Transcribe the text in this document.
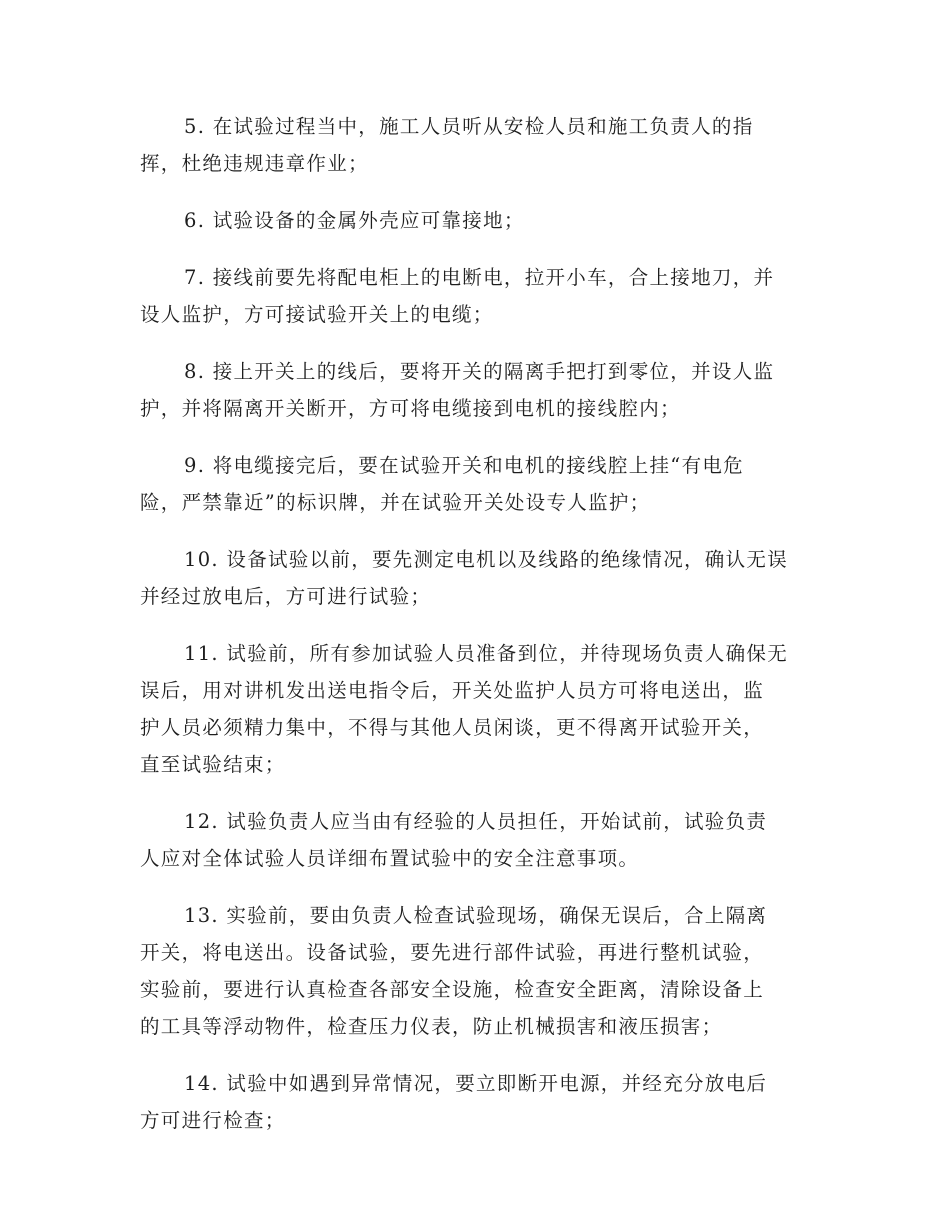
5. 在试验过程当中，施工人员听从安检人员和施工负责人的指
挥，杜绝违规违章作业；

6. 试验设备的金属外壳应可靠接地；

7. 接线前要先将配电柜上的电断电，拉开小车，合上接地刀，并
设人监护，方可接试验开关上的电缆；

8. 接上开关上的线后，要将开关的隔离手把打到零位，并设人监
护，并将隔离开关断开，方可将电缆接到电机的接线腔内；

9. 将电缆接完后，要在试验开关和电机的接线腔上挂“有电危
险，严禁靠近”的标识牌，并在试验开关处设专人监护；

10. 设备试验以前，要先测定电机以及线路的绝缘情况，确认无误
并经过放电后，方可进行试验；

11. 试验前，所有参加试验人员准备到位，并待现场负责人确保无
误后，用对讲机发出送电指令后，开关处监护人员方可将电送出，监
护人员必须精力集中，不得与其他人员闲谈，更不得离开试验开关，
直至试验结束；

12. 试验负责人应当由有经验的人员担任，开始试前，试验负责
人应对全体试验人员详细布置试验中的安全注意事项。

13. 实验前，要由负责人检查试验现场，确保无误后，合上隔离
开关，将电送出。设备试验，要先进行部件试验，再进行整机试验，
实验前，要进行认真检查各部安全设施，检查安全距离，清除设备上
的工具等浮动物件，检查压力仪表，防止机械损害和液压损害；

14. 试验中如遇到异常情况，要立即断开电源，并经充分放电后
方可进行检查；
